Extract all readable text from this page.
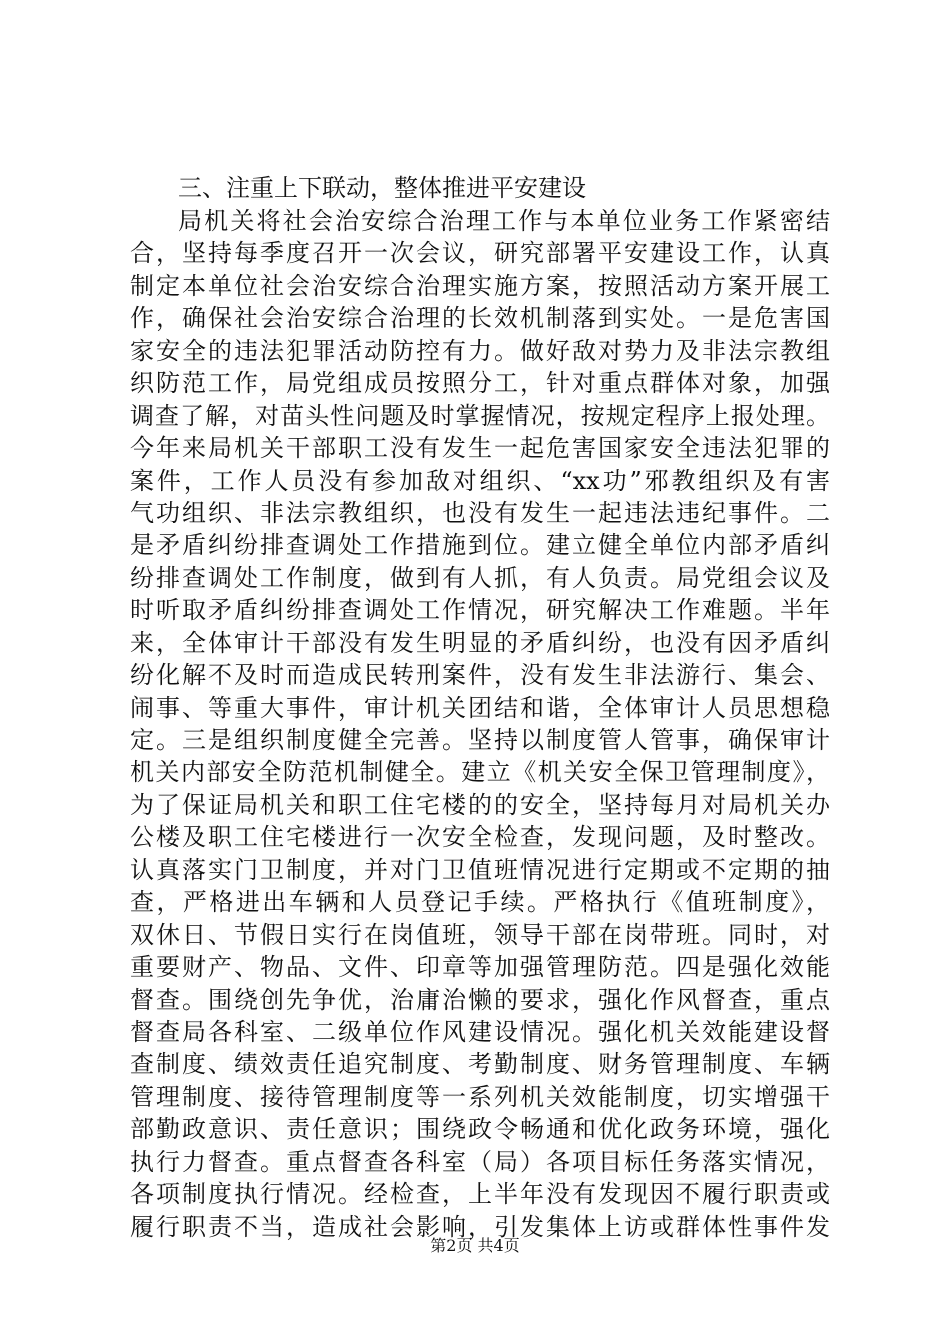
三、注重上下联动，整体推进平安建设
局机关将社会治安综合治理工作与本单位业务工作紧密结
合，坚持每季度召开一次会议，研究部署平安建设工作，认真
制定本单位社会治安综合治理实施方案，按照活动方案开展工
作，确保社会治安综合治理的长效机制落到实处。一是危害国
家安全的违法犯罪活动防控有力。做好敌对势力及非法宗教组
织防范工作，局党组成员按照分工，针对重点群体对象，加强
调查了解，对苗头性问题及时掌握情况，按规定程序上报处理。
今年来局机关干部职工没有发生一起危害国家安全违法犯罪的
案件，工作人员没有参加敌对组织、“xx功”邪教组织及有害
气功组织、非法宗教组织，也没有发生一起违法违纪事件。二
是矛盾纠纷排查调处工作措施到位。建立健全单位内部矛盾纠
纷排查调处工作制度，做到有人抓，有人负责。局党组会议及
时听取矛盾纠纷排查调处工作情况，研究解决工作难题。半年
来，全体审计干部没有发生明显的矛盾纠纷，也没有因矛盾纠
纷化解不及时而造成民转刑案件，没有发生非法游行、集会、
闹事、等重大事件，审计机关团结和谐，全体审计人员思想稳
定。三是组织制度健全完善。坚持以制度管人管事，确保审计
机关内部安全防范机制健全。建立《机关安全保卫管理制度》，
为了保证局机关和职工住宅楼的的安全，坚持每月对局机关办
公楼及职工住宅楼进行一次安全检查，发现问题，及时整改。
认真落实门卫制度，并对门卫值班情况进行定期或不定期的抽
查，严格进出车辆和人员登记手续。严格执行《值班制度》，
双休日、节假日实行在岗值班，领导干部在岗带班。同时，对
重要财产、物品、文件、印章等加强管理防范。四是强化效能
督查。围绕创先争优，治庸治懒的要求，强化作风督查，重点
督查局各科室、二级单位作风建设情况。强化机关效能建设督
查制度、绩效责任追究制度、考勤制度、财务管理制度、车辆
管理制度、接待管理制度等一系列机关效能制度，切实增强干
部勤政意识、责任意识；围绕政令畅通和优化政务环境，强化
执行力督查。重点督查各科室（局）各项目标任务落实情况，
各项制度执行情况。经检查，上半年没有发现因不履行职责或
履行职责不当，造成社会影响，引发集体上访或群体性事件发
第2页 共4页
